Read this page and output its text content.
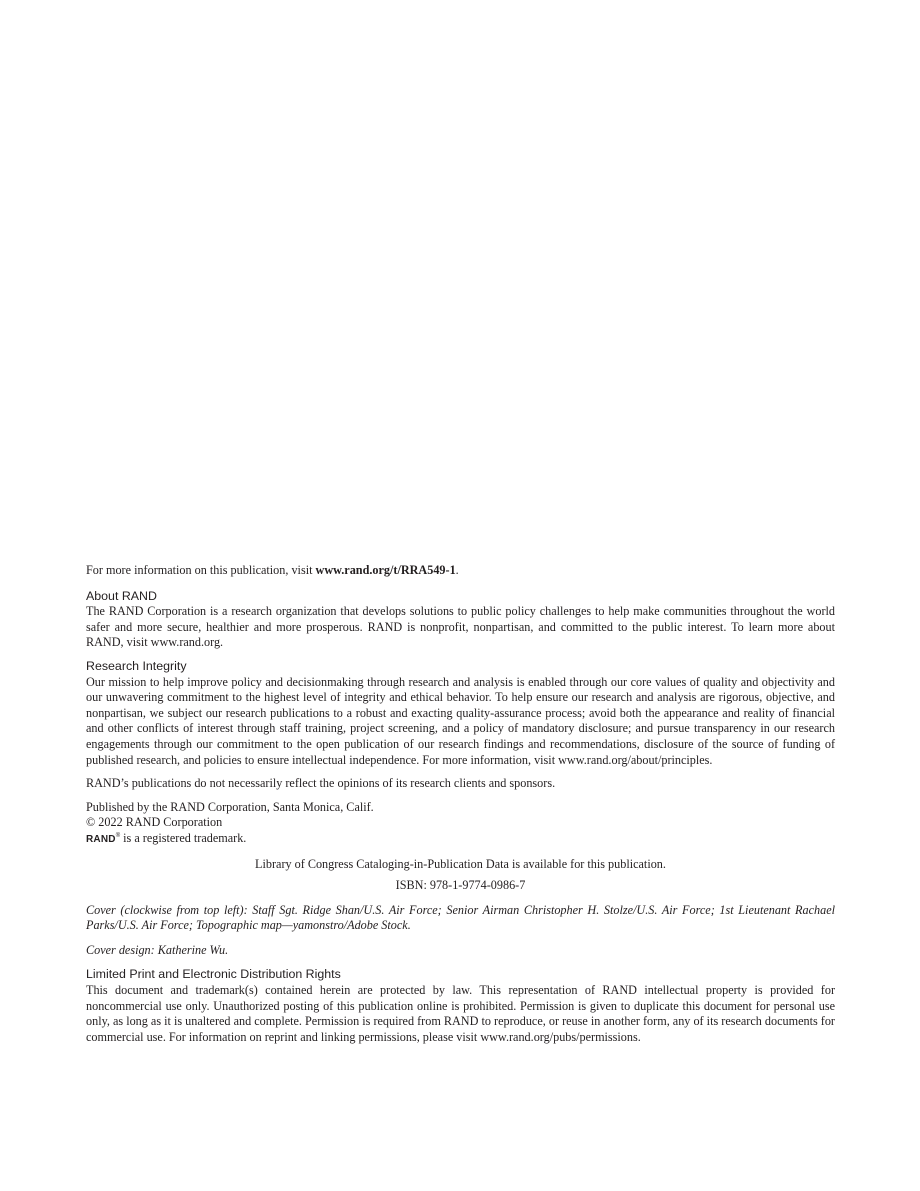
For more information on this publication, visit www.rand.org/t/RRA549-1.

About RAND

The RAND Corporation is a research organization that develops solutions to public policy challenges to help make communities throughout the world safer and more secure, healthier and more prosperous. RAND is nonprofit, nonpartisan, and committed to the public interest. To learn more about RAND, visit www.rand.org.

Research Integrity

Our mission to help improve policy and decisionmaking through research and analysis is enabled through our core values of quality and objectivity and our unwavering commitment to the highest level of integrity and ethical behavior. To help ensure our research and analysis are rigorous, objective, and nonpartisan, we subject our research publications to a robust and exacting quality-assurance process; avoid both the appearance and reality of financial and other conflicts of interest through staff training, project screening, and a policy of mandatory disclosure; and pursue transparency in our research engagements through our commitment to the open publication of our research findings and recommendations, disclosure of the source of funding of published research, and policies to ensure intellectual independence. For more information, visit www.rand.org/about/principles.

RAND’s publications do not necessarily reflect the opinions of its research clients and sponsors.

Published by the RAND Corporation, Santa Monica, Calif.

© 2022 RAND Corporation

RAND® is a registered trademark.

Library of Congress Cataloging-in-Publication Data is available for this publication.

ISBN: 978-1-9774-0986-7

Cover (clockwise from top left): Staff Sgt. Ridge Shan/U.S. Air Force; Senior Airman Christopher H. Stolze/U.S. Air Force; 1st Lieutenant Rachael Parks/U.S. Air Force; Topographic map—yamonstro/Adobe Stock.

Cover design: Katherine Wu.

Limited Print and Electronic Distribution Rights

This document and trademark(s) contained herein are protected by law. This representation of RAND intellectual property is provided for noncommercial use only. Unauthorized posting of this publication online is prohibited. Permission is given to duplicate this document for personal use only, as long as it is unaltered and complete. Permission is required from RAND to reproduce, or reuse in another form, any of its research documents for commercial use. For information on reprint and linking permissions, please visit www.rand.org/pubs/permissions.
